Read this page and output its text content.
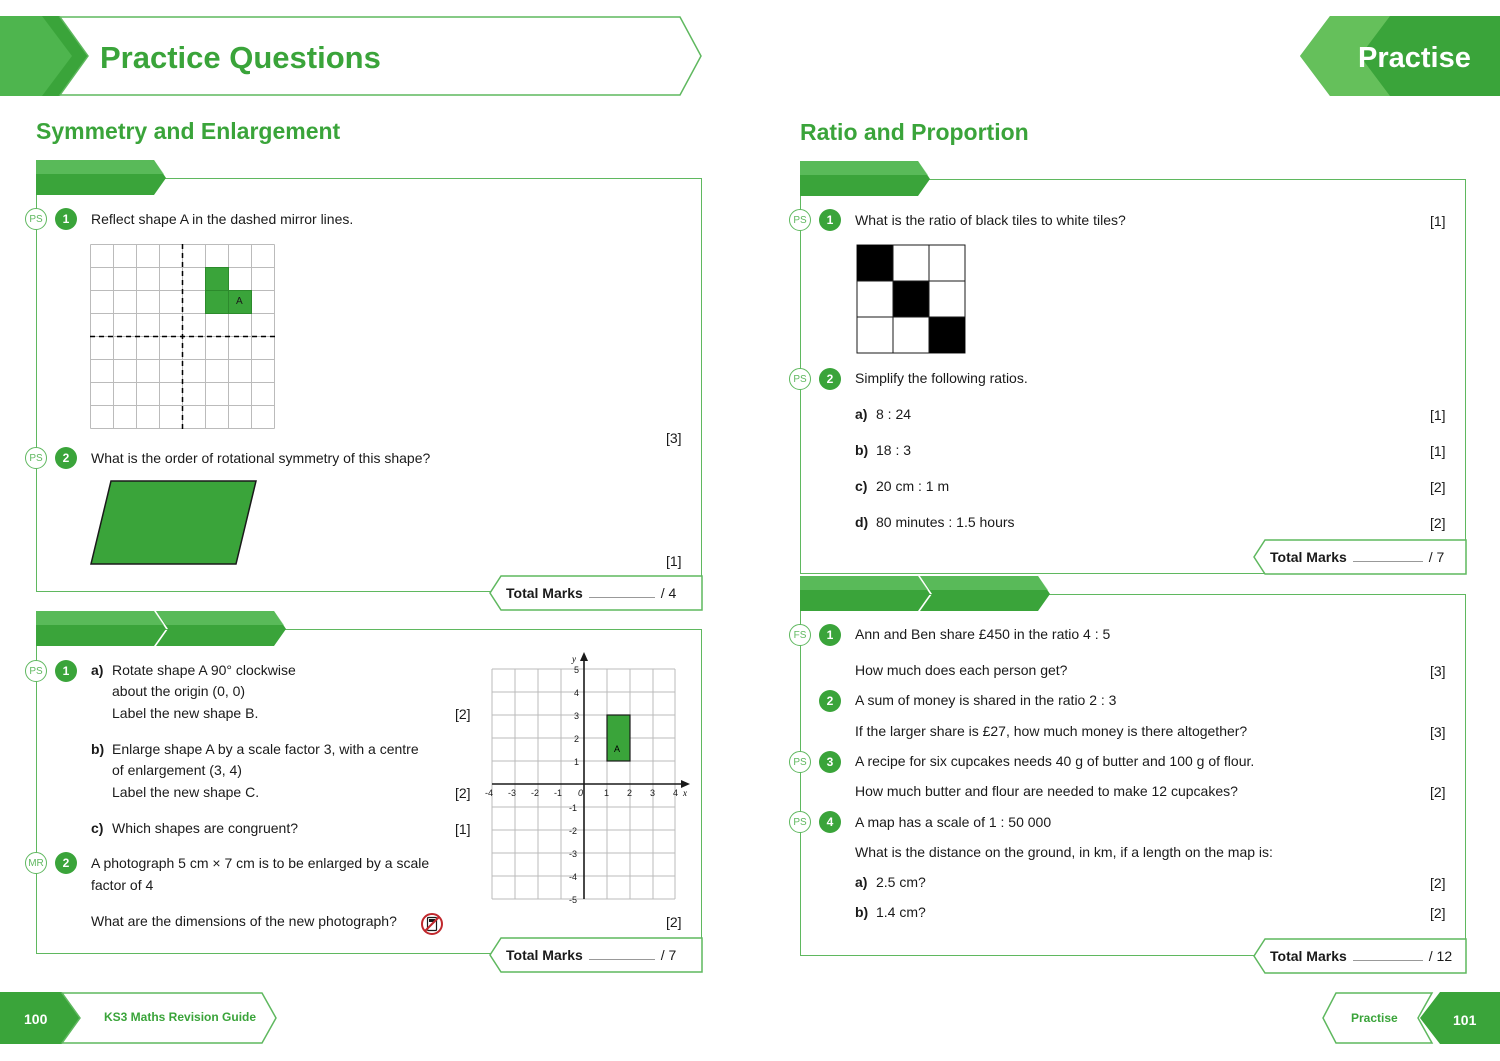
Practice Questions	Practise
Symmetry and Enlargement
PS	1	Reflect shape A in the dashed mirror lines.
A
[3]
PS	2	What is the order of rotational symmetry of this shape?
[1]
Total Marks	/ 4
PS	1	a) Rotate shape A 90° clockwise
about the origin (0, 0)
Label the new shape B.	[2]
b) Enlarge shape A by a scale factor 3, with a centre
of enlargement (3, 4)
Label the new shape C.	[2]
c) Which shapes are congruent?	[1]
MR	2	A photograph 5 cm × 7 cm is to be enlarged by a scale
factor of 4
What are the dimensions of the new photograph?	[2]
-4 -3 -2 -1 0 1 2 3 4
5
4
3
2
1
-1
-2
-3
-4
-5
y
x
A
Total Marks	/ 7
Ratio and Proportion
PS	1	What is the ratio of black tiles to white tiles?	[1]
PS	2	Simplify the following ratios.
a) 8 : 24	[1]
b) 18 : 3	[1]
c) 20 cm : 1 m	[2]
d) 80 minutes : 1.5 hours	[2]
Total Marks	/ 7
FS	1	Ann and Ben share £450 in the ratio 4 : 5
How much does each person get?	[3]
2	A sum of money is shared in the ratio 2 : 3
If the larger share is £27, how much money is there altogether?	[3]
PS	3	A recipe for six cupcakes needs 40 g of butter and 100 g of flour.
How much butter and flour are needed to make 12 cupcakes?	[2]
PS	4	A map has a scale of 1 : 50 000
What is the distance on the ground, in km, if a length on the map is:
a) 2.5 cm?	[2]
b) 1.4 cm?	[2]
Total Marks	/ 12
100	KS3 Maths Revision Guide	Practise	101
